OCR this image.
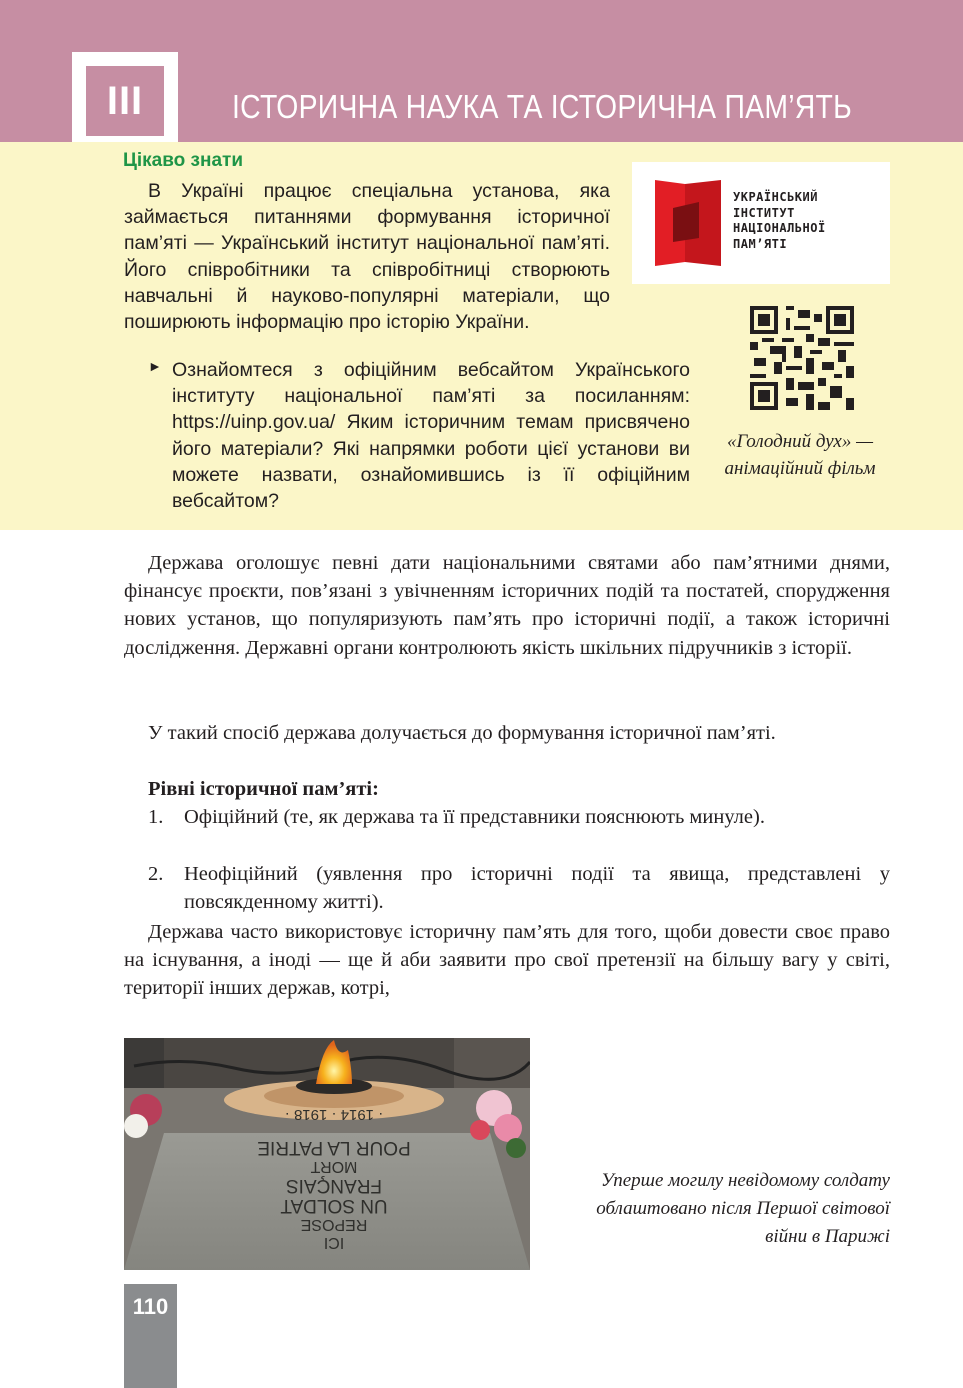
III	ІСТОРИЧНА НАУКА ТА ІСТОРИЧНА ПАМ’ЯТЬ
Цікаво знати
В Україні працює спеціальна установа, яка займається питаннями формування історичної пам’яті — Український інститут національної пам’яті. Його співробітники та співробітниці створюють навчальні й науково-популярні матеріали, що поширюють інформацію про історію України.
► Ознайомтеся з офіційним вебсайтом Українського інституту національної пам’яті за посиланням: https://uinp.gov.ua/ Яким історичним темам присвячено його матеріали? Які напрямки роботи цієї установи ви можете назвати, ознайомившись із її офіційним вебсайтом?
УКРАЇНСЬКИЙ
ІНСТИТУТ
НАЦІОНАЛЬНОЇ
ПАМ’ЯТІ
«Голодний дух» — анімаційний фільм
Держава оголошує певні дати національними святами або пам’ятними днями, фінансує проєкти, пов’язані з увічненням історичних подій та постатей, спорудження нових установ, що популяризують пам’ять про історичні події, а також історичні дослідження. Державні органи контролюють якість шкільних підручників з історії.
У такий спосіб держава долучається до формування історичної пам’яті.
Рівні історичної пам’яті:
1. Офіційний (те, як держава та її представники пояснюють минуле).
2. Неофіційний (уявлення про історичні події та явища, представлені у повсякденному житті).
Держава часто використовує історичну пам’ять для того, щоби довести своє право на існування, а іноді — ще й аби заявити про свої претензії на більшу вагу у світі, території інших держав, котрі,
ICI
REPOSE
UN SOLDAT
FRANÇAIS
MORT
POUR LA PATRIE
· 1914 · 1918 ·
Уперше могилу невідомому солдату облаштовано після Першої світової війни в Парижі
110
